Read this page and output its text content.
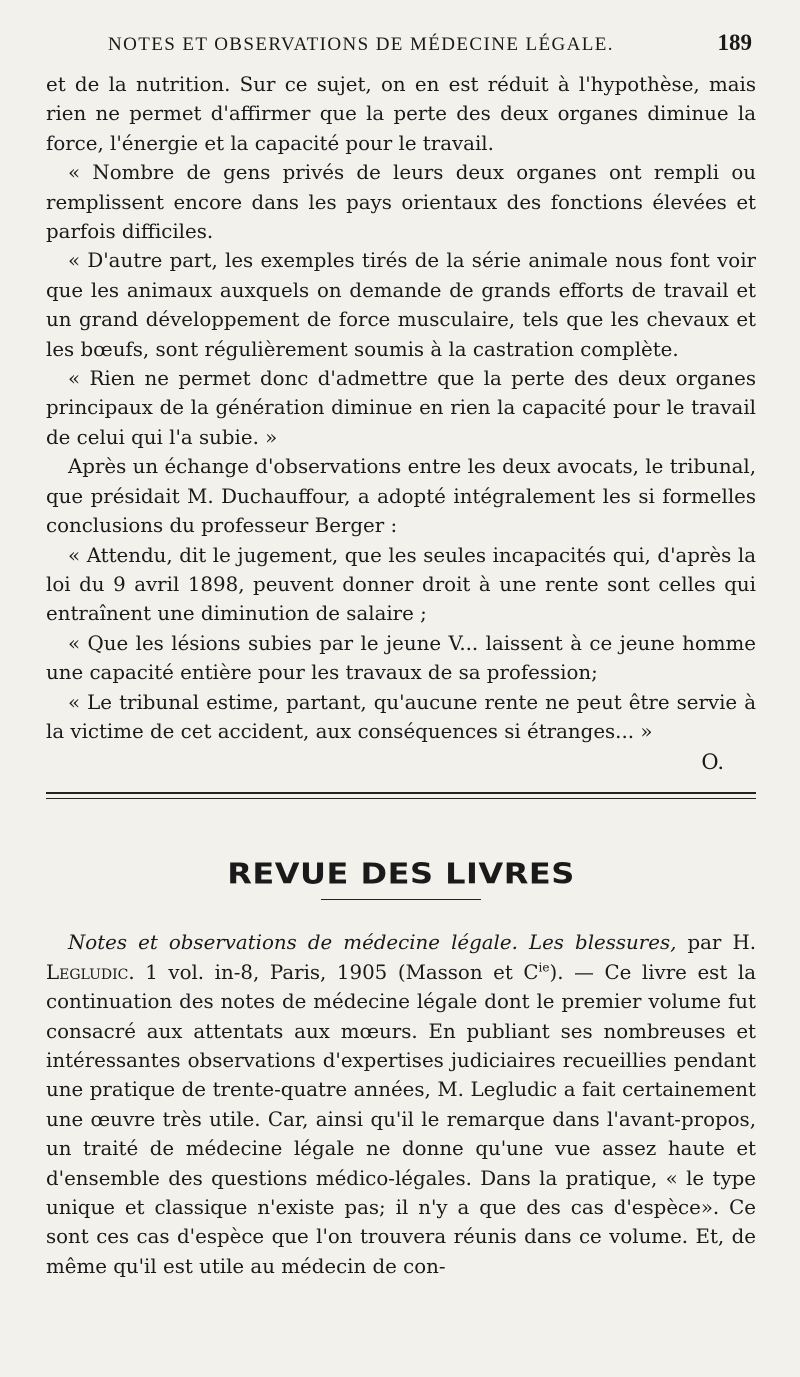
NOTES ET OBSERVATIONS DE MÉDECINE LÉGALE.	189

et de la nutrition. Sur ce sujet, on en est réduit à l'hypothèse, mais rien ne permet d'affirmer que la perte des deux organes diminue la force, l'énergie et la capacité pour le travail.

« Nombre de gens privés de leurs deux organes ont rempli ou remplissent encore dans les pays orientaux des fonctions élevées et parfois difficiles.

« D'autre part, les exemples tirés de la série animale nous font voir que les animaux auxquels on demande de grands efforts de travail et un grand développement de force musculaire, tels que les chevaux et les bœufs, sont régulièrement soumis à la castration complète.

« Rien ne permet donc d'admettre que la perte des deux organes principaux de la génération diminue en rien la capacité pour le travail de celui qui l'a subie. »

Après un échange d'observations entre les deux avocats, le tribunal, que présidait M. Duchauffour, a adopté intégralement les si formelles conclusions du professeur Berger :

« Attendu, dit le jugement, que les seules incapacités qui, d'après la loi du 9 avril 1898, peuvent donner droit à une rente sont celles qui entraînent une diminution de salaire ;

« Que les lésions subies par le jeune V... laissent à ce jeune homme une capacité entière pour les travaux de sa profession;

« Le tribunal estime, partant, qu'aucune rente ne peut être servie à la victime de cet accident, aux conséquences si étranges... »

O.
REVUE DES LIVRES

Notes et observations de médecine légale. Les blessures, par H. Legludic. 1 vol. in-8, Paris, 1905 (Masson et $C^{ie}$). — Ce livre est la continuation des notes de médecine légale dont le premier volume fut consacré aux attentats aux mœurs. En publiant ses nombreuses et intéressantes observations d'expertises judiciaires recueillies pendant une pratique de trente-quatre années, M. Legludic a fait certainement une œuvre très utile. Car, ainsi qu'il le remarque dans l'avant-propos, un traité de médecine légale ne donne qu'une vue assez haute et d'ensemble des questions médico-légales. Dans la pratique, « le type unique et classique n'existe pas; il n'y a que des cas d'espèce». Ce sont ces cas d'espèce que l'on trouvera réunis dans ce volume. Et, de même qu'il est utile au médecin de con-
